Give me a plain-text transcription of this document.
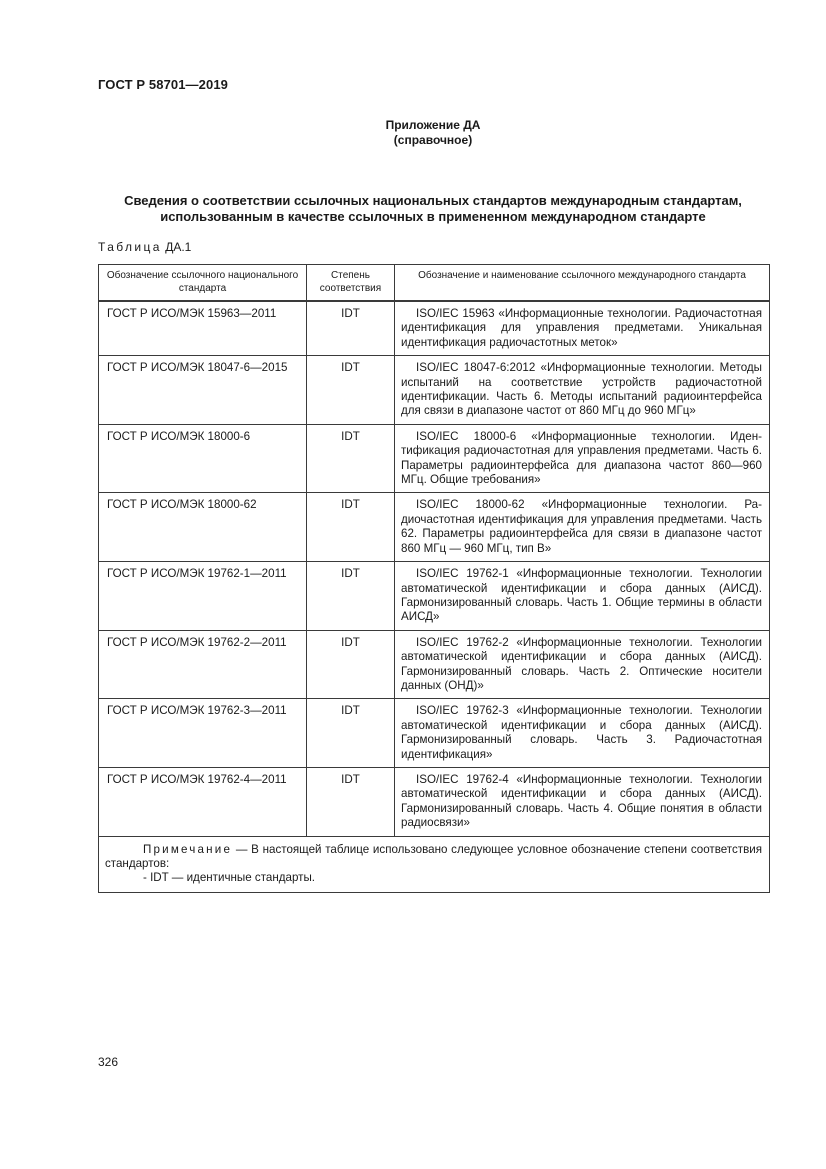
ГОСТ Р 58701—2019
Приложение ДА
(справочное)
Сведения о соответствии ссылочных национальных стандартов международным стандартам,
использованным в качестве ссылочных в примененном международном стандарте
Таблица ДА.1
Обозначение ссылочного национального стандарта	Степень соответствия	Обозначение и наименование ссылочного международного стандарта
ГОСТ Р ИСО/МЭК 15963—2011	IDT	ISO/IEC 15963 «Информационные технологии. Радиочастотная идентификация для управления предметами. Уникальная идентификация радиочастотных меток»
ГОСТ Р ИСО/МЭК 18047-6—2015	IDT	ISO/IEC 18047-6:2012 «Информационные технологии. Методы испытаний на соответствие устройств радиочастотной идентификации. Часть 6. Методы испытаний радиоинтерфейса для связи в диапазоне частот от 860 МГц до 960 МГц»
ГОСТ Р ИСО/МЭК 18000-6	IDT	ISO/IEC 18000-6 «Информационные технологии. Идентификация радиочастотная для управления предметами. Часть 6. Параметры радиоинтерфейса для диапазона частот 860—960 МГц. Общие требования»
ГОСТ Р ИСО/МЭК 18000-62	IDT	ISO/IEC 18000-62 «Информационные технологии. Радиочастотная идентификация для управления предметами. Часть 62. Параметры радиоинтерфейса для связи в диапазоне частот 860 МГц — 960 МГц, тип В»
ГОСТ Р ИСО/МЭК 19762-1—2011	IDT	ISO/IEC 19762-1 «Информационные технологии. Технологии автоматической идентификации и сбора данных (АИСД). Гармонизированный словарь. Часть 1. Общие термины в области АИСД»
ГОСТ Р ИСО/МЭК 19762-2—2011	IDT	ISO/IEC 19762-2 «Информационные технологии. Технологии автоматической идентификации и сбора данных (АИСД). Гармонизированный словарь. Часть 2. Оптические носители данных (ОНД)»
ГОСТ Р ИСО/МЭК 19762-3—2011	IDT	ISO/IEC 19762-3 «Информационные технологии. Технологии автоматической идентификации и сбора данных (АИСД). Гармонизированный словарь. Часть 3. Радиочастотная идентификация»
ГОСТ Р ИСО/МЭК 19762-4—2011	IDT	ISO/IEC 19762-4 «Информационные технологии. Технологии автоматической идентификации и сбора данных (АИСД). Гармонизированный словарь. Часть 4. Общие понятия в области радиосвязи»

Примечание — В настоящей таблице использовано следующее условное обозначение степени соответствия стандартов:
- IDT — идентичные стандарты.		
326
